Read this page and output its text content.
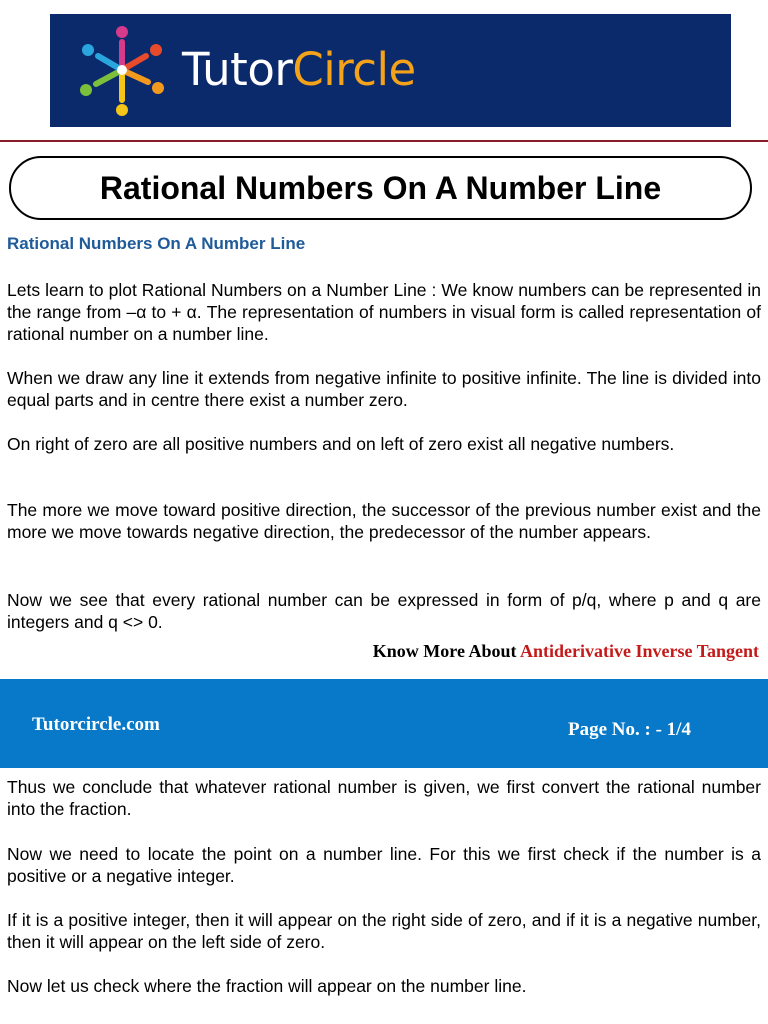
TutorCircle
Rational Numbers On A Number Line
Rational Numbers On A Number Line

Lets learn to plot Rational Numbers on a Number Line : We know numbers can be represented in the range from –α to + α. The representation of numbers in visual form is called representation of rational number on a number line.

When we draw any line it extends from negative infinite to positive infinite. The line is divided into equal parts and in centre there exist a number zero.

On right of zero are all positive numbers and on left of zero exist all negative numbers.

The more we move toward positive direction, the successor of the previous number exist and the more we move towards negative direction, the predecessor of the number appears.

Now we see that every rational number can be expressed in form of p/q, where p and q are integers and q <> 0.

Know More About Antiderivative Inverse Tangent
Tutorcircle.com	Page No. : - 1/4

Thus we conclude that whatever rational number is given, we first convert the rational number into the fraction.

Now we need to locate the point on a number line. For this we first check if the number is a positive or a negative integer.

If it is a positive integer, then it will appear on the right side of zero, and if it is a negative number, then it will appear on the left side of zero.

Now let us check where the fraction will appear on the number line.
